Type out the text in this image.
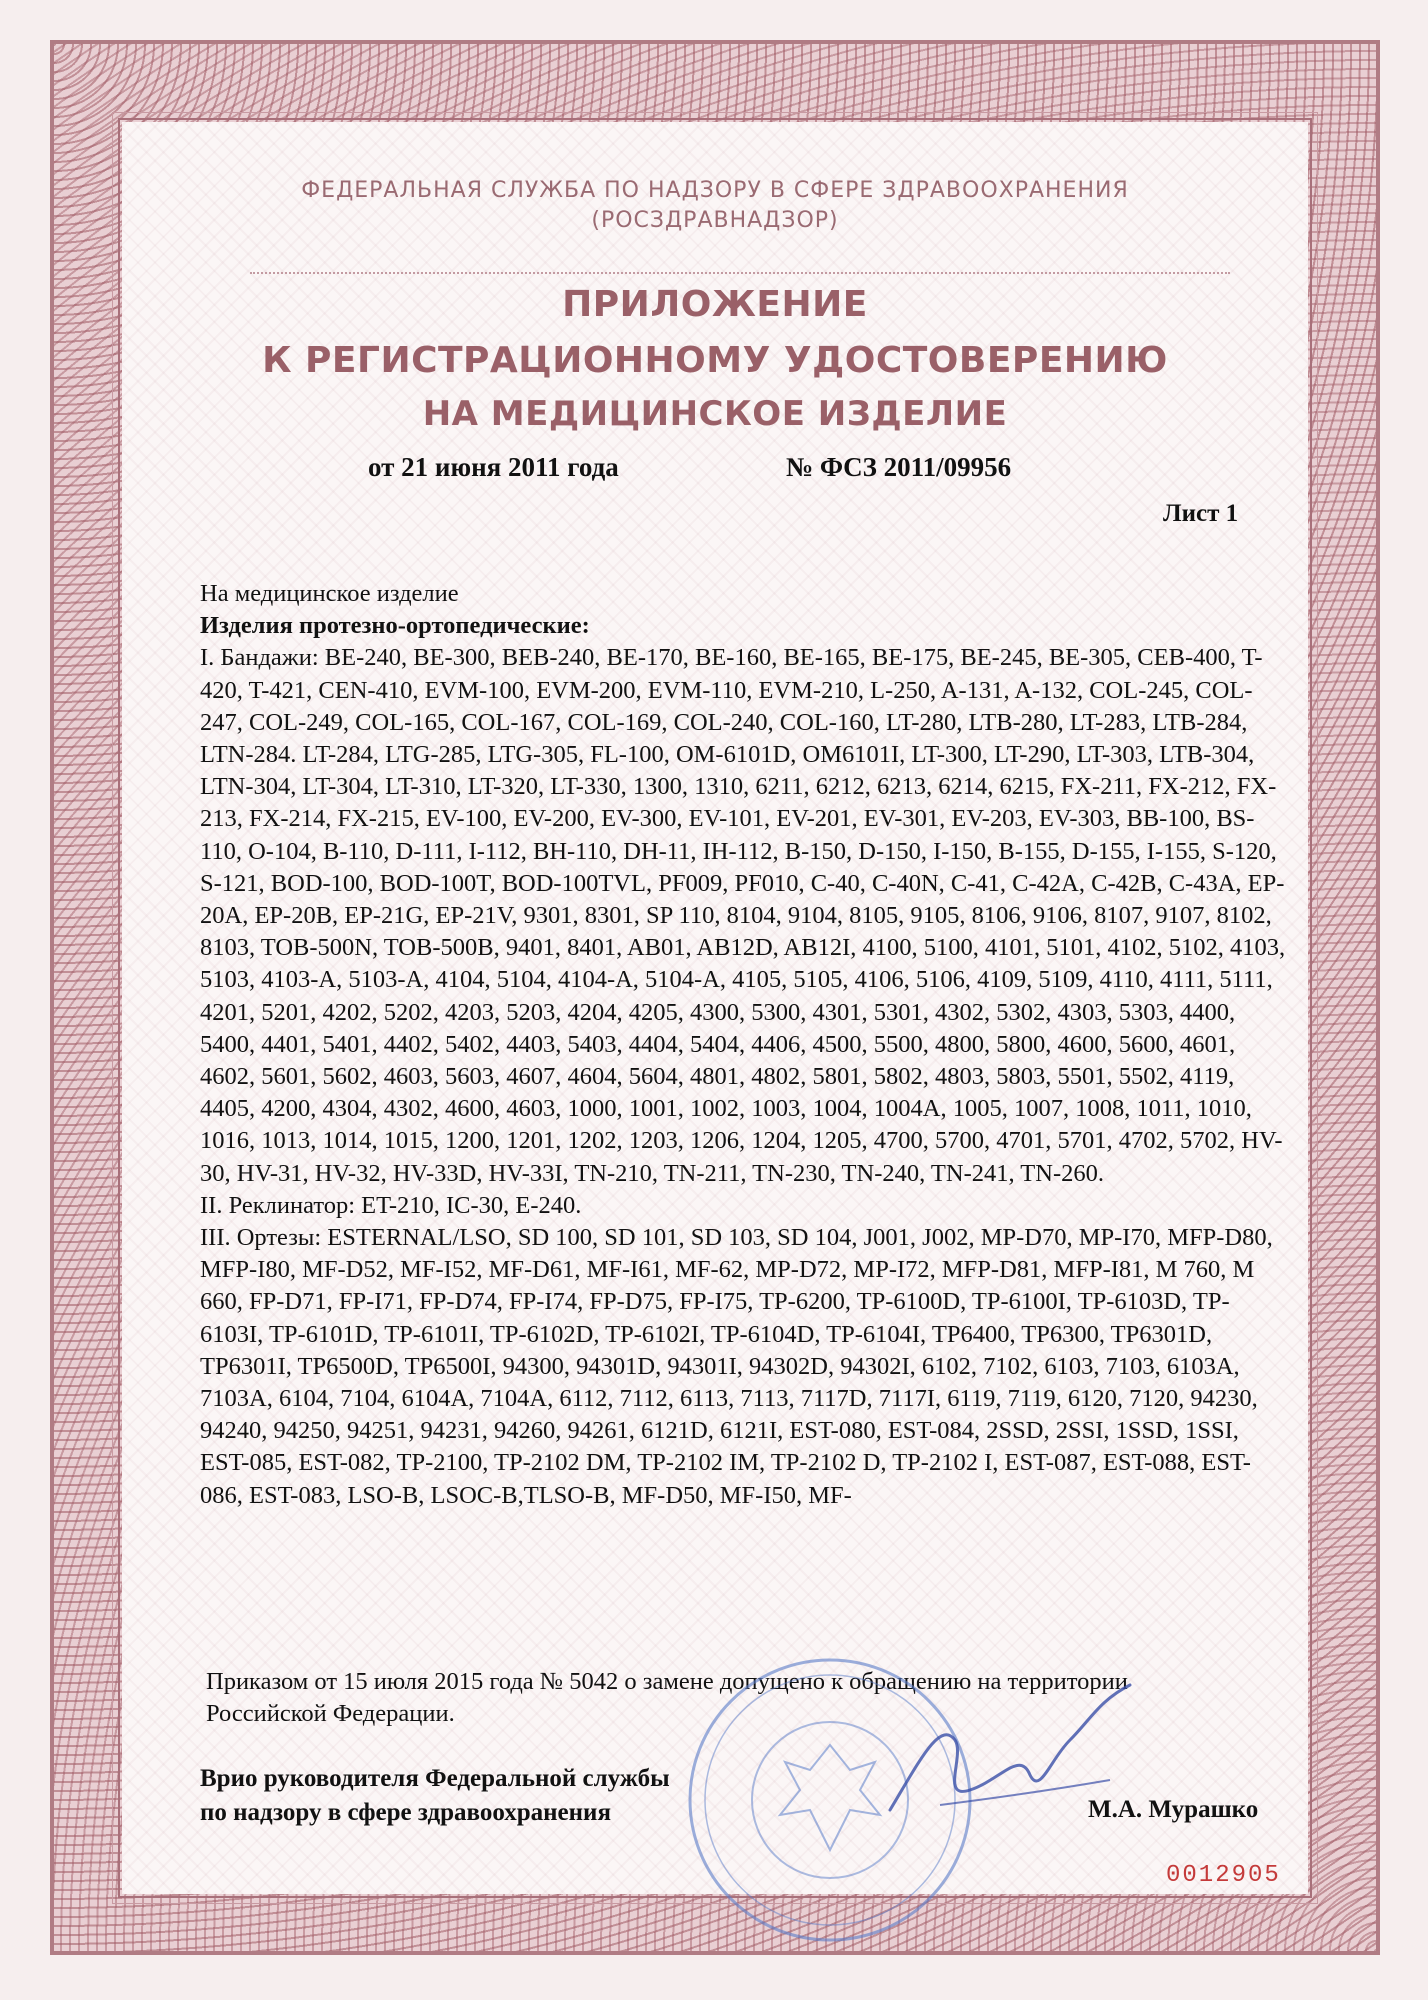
ФЕДЕРАЛЬНАЯ СЛУЖБА ПО НАДЗОРУ В СФЕРЕ ЗДРАВООХРАНЕНИЯ
(РОСЗДРАВНАДЗОР)
ПРИЛОЖЕНИЕ
К РЕГИСТРАЦИОННОМУ УДОСТОВЕРЕНИЮ
НА МЕДИЦИНСКОЕ ИЗДЕЛИЕ
от 21 июня 2011 года	№ ФСЗ 2011/09956
Лист 1

На медицинское изделие

Изделия протезно-ортопедические:

I. Бандажи: BE-240, BE-300, BEB-240, BE-170, BE-160, BE-165, BE-175, BE-245, BE-305, CEB-400, T-420, T-421, CEN-410, EVM-100, EVM-200, EVM-110, EVM-210, L-250, A-131, A-132, COL-245, COL-247, COL-249, COL-165, COL-167, COL-169, COL-240, COL-160, LT-280, LTB-280, LT-283, LTB-284, LTN-284. LT-284, LTG-285, LTG-305, FL-100, OM-6101D, OM6101I, LT-300, LT-290, LT-303, LTB-304, LTN-304, LT-304, LT-310, LT-320, LT-330, 1300, 1310, 6211, 6212, 6213, 6214, 6215, FX-211, FX-212, FX-213, FX-214, FX-215, EV-100, EV-200, EV-300, EV-101, EV-201, EV-301, EV-203, EV-303, BB-100, BS-110, O-104, B-110, D-111, I-112, BH-110, DH-11, IH-112, B-150, D-150, I-150, B-155, D-155, I-155, S-120, S-121, BOD-100, BOD-100T, BOD-100TVL, PF009, PF010, C-40, C-40N, C-41, C-42A, C-42B, C-43A, EP-20A, EP-20B, EP-21G, EP-21V, 9301, 8301, SP 110, 8104, 9104, 8105, 9105, 8106, 9106, 8107, 9107, 8102, 8103, TOB-500N, TOB-500B, 9401, 8401, AB01, AB12D, AB12I, 4100, 5100, 4101, 5101, 4102, 5102, 4103, 5103, 4103-A, 5103-A, 4104, 5104, 4104-A, 5104-A, 4105, 5105, 4106, 5106, 4109, 5109, 4110, 4111, 5111, 4201, 5201, 4202, 5202, 4203, 5203, 4204, 4205, 4300, 5300, 4301, 5301, 4302, 5302, 4303, 5303, 4400, 5400, 4401, 5401, 4402, 5402, 4403, 5403, 4404, 5404, 4406, 4500, 5500, 4800, 5800, 4600, 5600, 4601, 4602, 5601, 5602, 4603, 5603, 4607, 4604, 5604, 4801, 4802, 5801, 5802, 4803, 5803, 5501, 5502, 4119, 4405, 4200, 4304, 4302, 4600, 4603, 1000, 1001, 1002, 1003, 1004, 1004A, 1005, 1007, 1008, 1011, 1010, 1016, 1013, 1014, 1015, 1200, 1201, 1202, 1203, 1206, 1204, 1205, 4700, 5700, 4701, 5701, 4702, 5702, HV-30, HV-31, HV-32, HV-33D, HV-33I, TN-210, TN-211, TN-230, TN-240, TN-241, TN-260.

II. Реклинатор: ET-210, IC-30, E-240.

III. Ортезы: ESTERNAL/LSO, SD 100, SD 101, SD 103, SD 104, J001, J002, MP-D70, MP-I70, MFP-D80, MFP-I80, MF-D52, MF-I52, MF-D61, MF-I61, MF-62, MP-D72, MP-I72, MFP-D81, MFP-I81, M 760, M 660, FP-D71, FP-I71, FP-D74, FP-I74, FP-D75, FP-I75, TP-6200, TP-6100D, TP-6100I, TP-6103D, TP-6103I, TP-6101D, TP-6101I, TP-6102D, TP-6102I, TP-6104D, TP-6104I, TP6400, TP6300, TP6301D, TP6301I, TP6500D, TP6500I, 94300, 94301D, 94301I, 94302D, 94302I, 6102, 7102, 6103, 7103, 6103A, 7103A, 6104, 7104, 6104A, 7104A, 6112, 7112, 6113, 7113, 7117D, 7117I, 6119, 7119, 6120, 7120, 94230, 94240, 94250, 94251, 94231, 94260, 94261, 6121D, 6121I, EST-080, EST-084, 2SSD, 2SSI, 1SSD, 1SSI, EST-085, EST-082, TP-2100, TP-2102 DM, TP-2102 IM, TP-2102 D, TP-2102 I, EST-087, EST-088, EST-086, EST-083, LSO-B, LSOC-B,TLSO-B, MF-D50, MF-I50, MF-

Приказом от 15 июля 2015 года № 5042 о замене допущено к обращению на территории Российской Федерации.
Врио руководителя Федеральной службы
по надзору в сфере здравоохранения	М.А. Мурашко
0012905
